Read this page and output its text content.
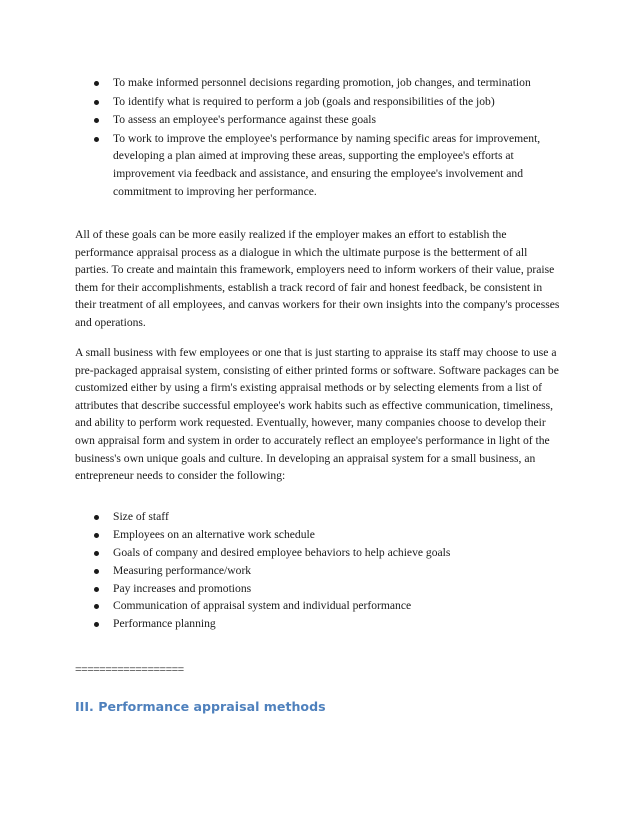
To make informed personnel decisions regarding promotion, job changes, and termination
To identify what is required to perform a job (goals and responsibilities of the job)
To assess an employee's performance against these goals
To work to improve the employee's performance by naming specific areas for improvement, developing a plan aimed at improving these areas, supporting the employee's efforts at improvement via feedback and assistance, and ensuring the employee's involvement and commitment to improving her performance.

All of these goals can be more easily realized if the employer makes an effort to establish the performance appraisal process as a dialogue in which the ultimate purpose is the betterment of all parties. To create and maintain this framework, employers need to inform workers of their value, praise them for their accomplishments, establish a track record of fair and honest feedback, be consistent in their treatment of all employees, and canvas workers for their own insights into the company's processes and operations.

A small business with few employees or one that is just starting to appraise its staff may choose to use a pre-packaged appraisal system, consisting of either printed forms or software. Software packages can be customized either by using a firm's existing appraisal methods or by selecting elements from a list of attributes that describe successful employee's work habits such as effective communication, timeliness, and ability to perform work requested. Eventually, however, many companies choose to develop their own appraisal form and system in order to accurately reflect an employee's performance in light of the business's own unique goals and culture. In developing an appraisal system for a small business, an entrepreneur needs to consider the following:

Size of staff
Employees on an alternative work schedule
Goals of company and desired employee behaviors to help achieve goals
Measuring performance/work
Pay increases and promotions
Communication of appraisal system and individual performance
Performance planning
==================
III. Performance appraisal methods
